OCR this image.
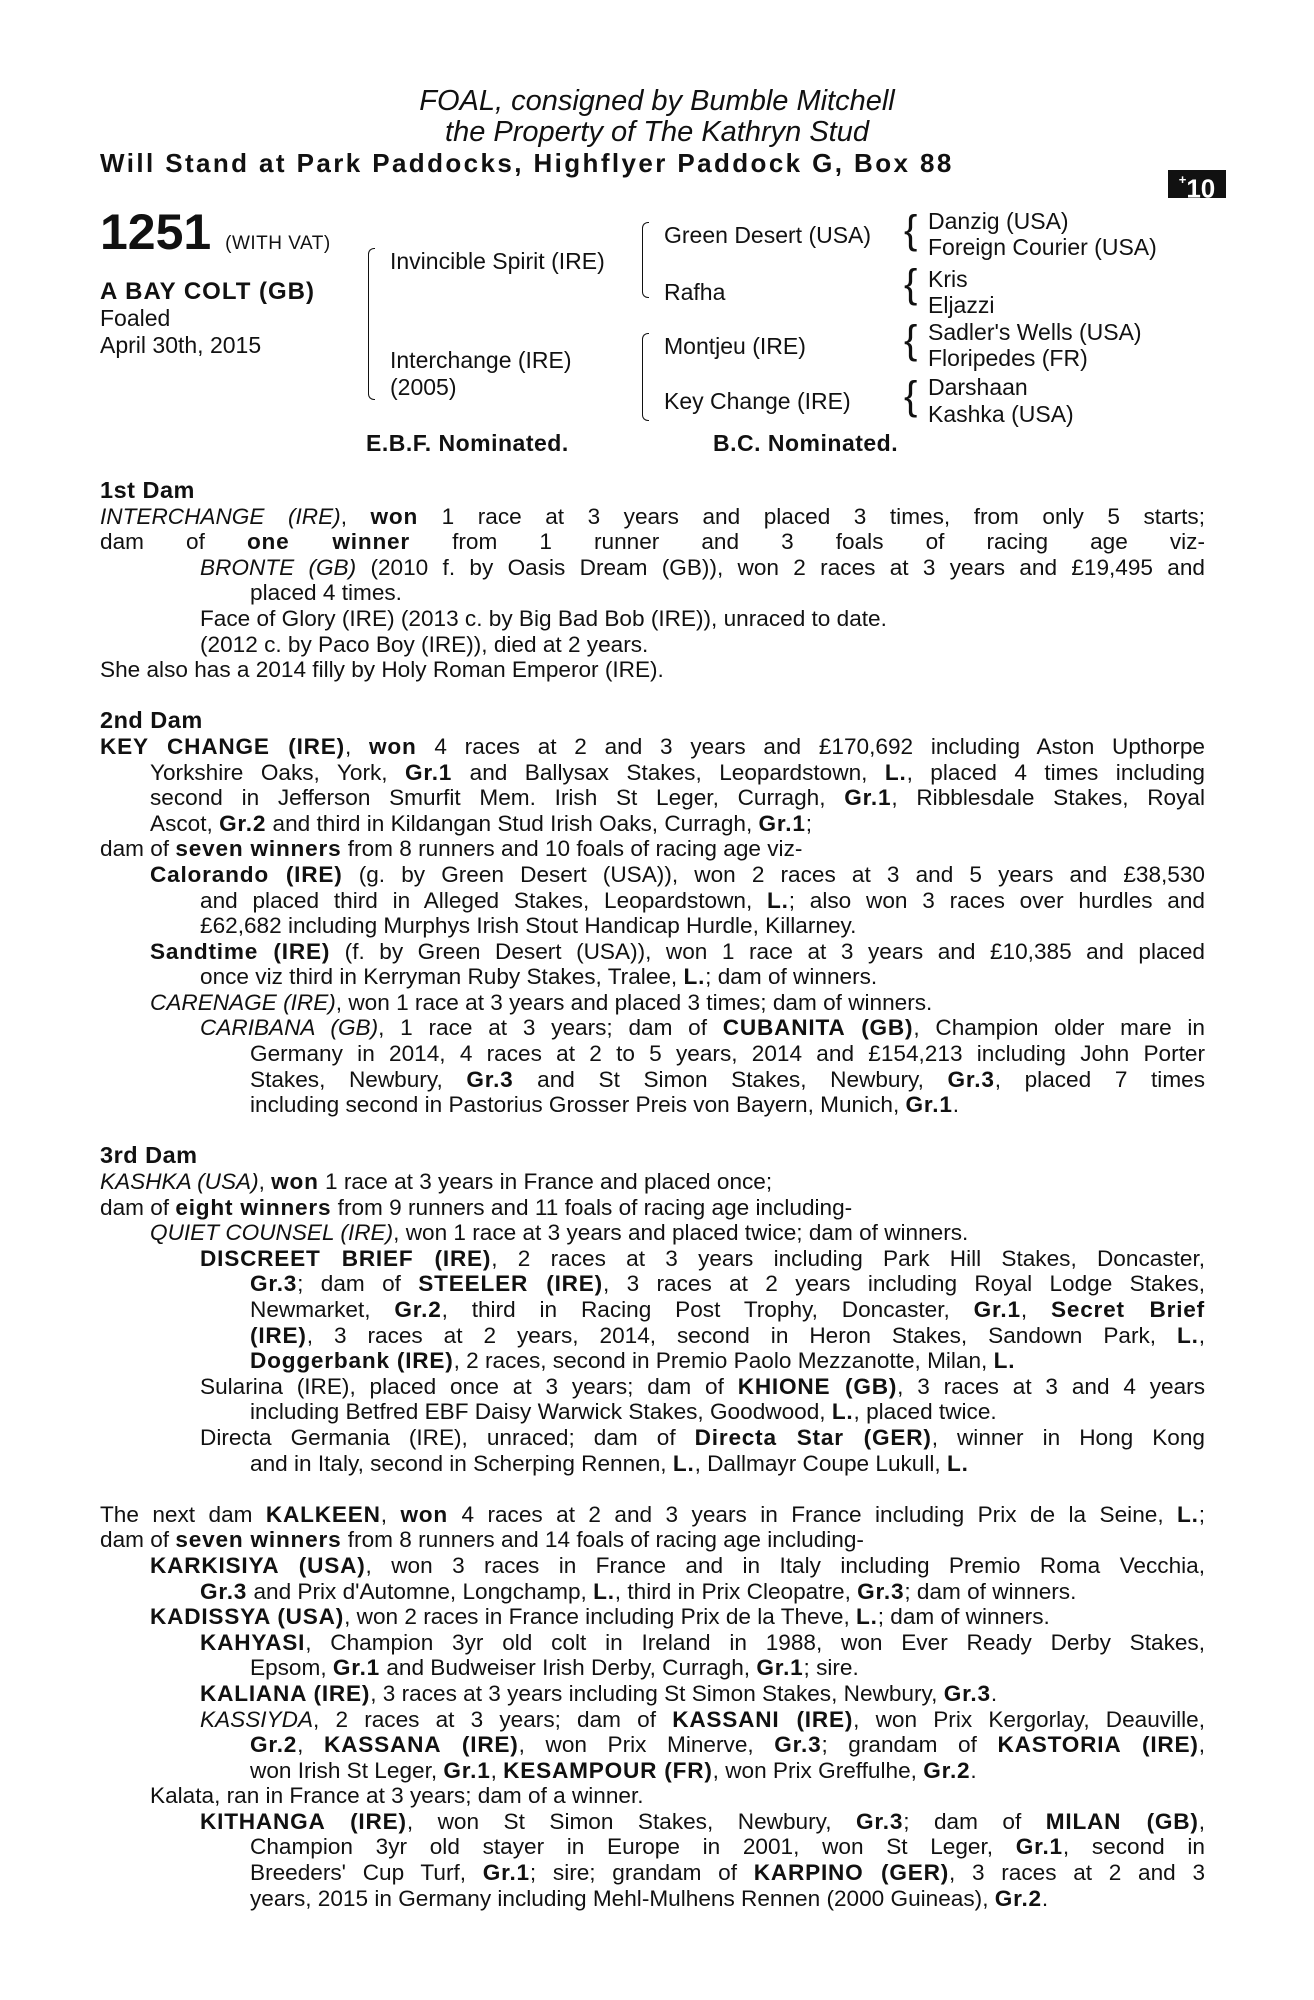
FOAL, consigned by Bumble Mitchell
the Property of The Kathryn Stud
Will Stand at Park Paddocks, Highflyer Paddock G, Box 88
+10
1251 (WITH VAT)
A BAY COLT (GB)
Foaled
April 30th, 2015
Invincible Spirit (IRE)
Interchange (IRE)
(2005)
Green Desert (USA)
Rafha
Montjeu (IRE)
Key Change (IRE)
{ Danzig (USA)
Foreign Courier (USA)
{ Kris
Eljazzi
{ Sadler's Wells (USA)
Floripedes (FR)
{ Darshaan
Kashka (USA)
E.B.F. Nominated.	B.C. Nominated.
1st Dam
INTERCHANGE (IRE), won 1 race at 3 years and placed 3 times, from only 5 starts;
dam of one winner from 1 runner and 3 foals of racing age viz-
BRONTE (GB) (2010 f. by Oasis Dream (GB)), won 2 races at 3 years and £19,495 and
placed 4 times.
Face of Glory (IRE) (2013 c. by Big Bad Bob (IRE)), unraced to date.
(2012 c. by Paco Boy (IRE)), died at 2 years.
She also has a 2014 filly by Holy Roman Emperor (IRE).
2nd Dam
KEY CHANGE (IRE), won 4 races at 2 and 3 years and £170,692 including Aston Upthorpe
Yorkshire Oaks, York, Gr.1 and Ballysax Stakes, Leopardstown, L., placed 4 times including
second in Jefferson Smurfit Mem. Irish St Leger, Curragh, Gr.1, Ribblesdale Stakes, Royal
Ascot, Gr.2 and third in Kildangan Stud Irish Oaks, Curragh, Gr.1;
dam of seven winners from 8 runners and 10 foals of racing age viz-
Calorando (IRE) (g. by Green Desert (USA)), won 2 races at 3 and 5 years and £38,530
and placed third in Alleged Stakes, Leopardstown, L.; also won 3 races over hurdles and
£62,682 including Murphys Irish Stout Handicap Hurdle, Killarney.
Sandtime (IRE) (f. by Green Desert (USA)), won 1 race at 3 years and £10,385 and placed
once viz third in Kerryman Ruby Stakes, Tralee, L.; dam of winners.
CARENAGE (IRE), won 1 race at 3 years and placed 3 times; dam of winners.
CARIBANA (GB), 1 race at 3 years; dam of CUBANITA (GB), Champion older mare in
Germany in 2014, 4 races at 2 to 5 years, 2014 and £154,213 including John Porter
Stakes, Newbury, Gr.3 and St Simon Stakes, Newbury, Gr.3, placed 7 times
including second in Pastorius Grosser Preis von Bayern, Munich, Gr.1.
3rd Dam
KASHKA (USA), won 1 race at 3 years in France and placed once;
dam of eight winners from 9 runners and 11 foals of racing age including-
QUIET COUNSEL (IRE), won 1 race at 3 years and placed twice; dam of winners.
DISCREET BRIEF (IRE), 2 races at 3 years including Park Hill Stakes, Doncaster,
Gr.3; dam of STEELER (IRE), 3 races at 2 years including Royal Lodge Stakes,
Newmarket, Gr.2, third in Racing Post Trophy, Doncaster, Gr.1, Secret Brief
(IRE), 3 races at 2 years, 2014, second in Heron Stakes, Sandown Park, L.,
Doggerbank (IRE), 2 races, second in Premio Paolo Mezzanotte, Milan, L.
Sularina (IRE), placed once at 3 years; dam of KHIONE (GB), 3 races at 3 and 4 years
including Betfred EBF Daisy Warwick Stakes, Goodwood, L., placed twice.
Directa Germania (IRE), unraced; dam of Directa Star (GER), winner in Hong Kong
and in Italy, second in Scherping Rennen, L., Dallmayr Coupe Lukull, L.
The next dam KALKEEN, won 4 races at 2 and 3 years in France including Prix de la Seine, L.;
dam of seven winners from 8 runners and 14 foals of racing age including-
KARKISIYA (USA), won 3 races in France and in Italy including Premio Roma Vecchia,
Gr.3 and Prix d'Automne, Longchamp, L., third in Prix Cleopatre, Gr.3; dam of winners.
KADISSYA (USA), won 2 races in France including Prix de la Theve, L.; dam of winners.
KAHYASI, Champion 3yr old colt in Ireland in 1988, won Ever Ready Derby Stakes,
Epsom, Gr.1 and Budweiser Irish Derby, Curragh, Gr.1; sire.
KALIANA (IRE), 3 races at 3 years including St Simon Stakes, Newbury, Gr.3.
KASSIYDA, 2 races at 3 years; dam of KASSANI (IRE), won Prix Kergorlay, Deauville,
Gr.2, KASSANA (IRE), won Prix Minerve, Gr.3; grandam of KASTORIA (IRE),
won Irish St Leger, Gr.1, KESAMPOUR (FR), won Prix Greffulhe, Gr.2.
Kalata, ran in France at 3 years; dam of a winner.
KITHANGA (IRE), won St Simon Stakes, Newbury, Gr.3; dam of MILAN (GB),
Champion 3yr old stayer in Europe in 2001, won St Leger, Gr.1, second in
Breeders' Cup Turf, Gr.1; sire; grandam of KARPINO (GER), 3 races at 2 and 3
years, 2015 in Germany including Mehl-Mulhens Rennen (2000 Guineas), Gr.2.
